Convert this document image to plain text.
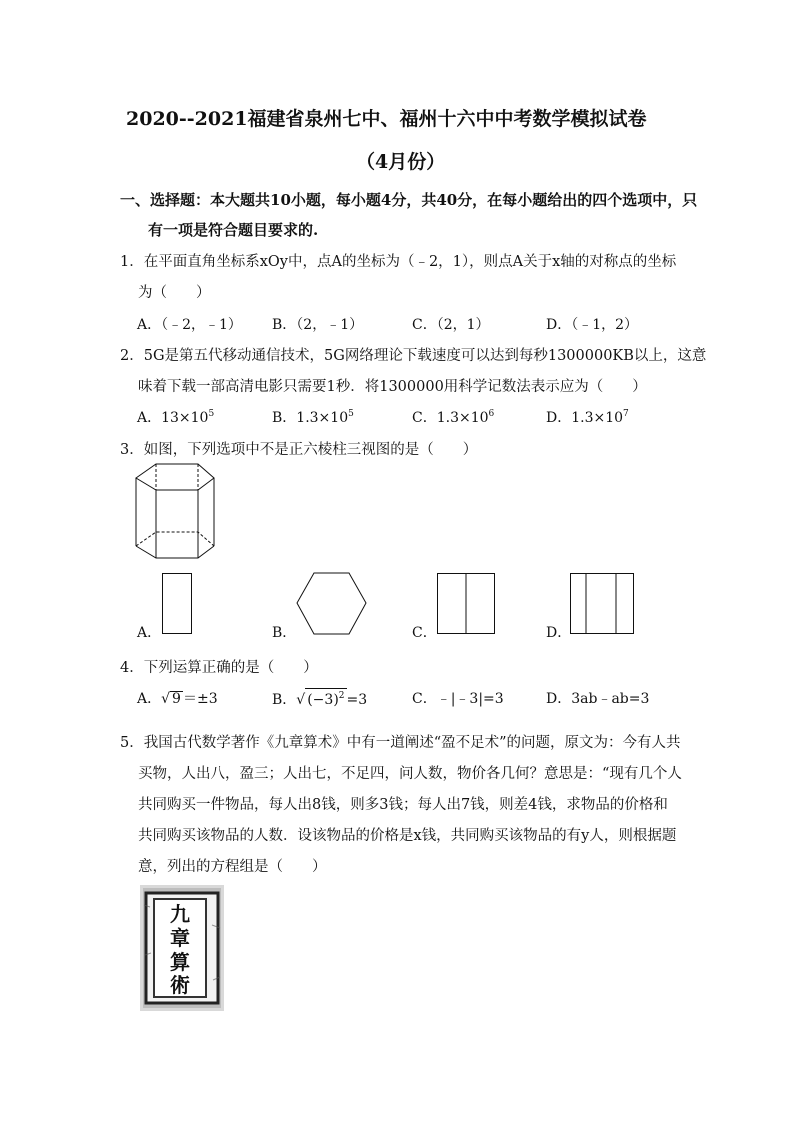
2020--2021福建省泉州七中、福州十六中中考数学模拟试卷
（4月份）
一、选择题：本大题共10小题，每小题4分，共40分，在每小题给出的四个选项中，只
有一项是符合题目要求的.
1．在平面直角坐标系xOy中，点A的坐标为（﹣2，1），则点A关于x轴的对称点的坐标
为（　　）
A．（﹣2，﹣1） B．（2，﹣1）	C．（2，1）	D．（﹣1，2）
2．5G是第五代移动通信技术，5G网络理论下载速度可以达到每秒1300000KB以上，这意
味着下载一部高清电影只需要1秒．将1300000用科学记数法表示应为（　　）
A．$13\times 10^5$	B．$1.3\times 10^5$	C．$1.3\times 10^6$	D．$1.3\times 10^7$
3．如图，下列选项中不是正六棱柱三视图的是（　　）
A．	B．	C．	D．
4．下列运算正确的是（　　）
A．√ 9 ＝±3	B．√ $(-3)^2 =3$	C．﹣|﹣3|=3	D．3ab﹣ab=3
5．我国古代数学著作《九章算术》中有一道阐述“盈不足术”的问题，原文为：今有人共
买物，人出八，盈三；人出七，不足四，问人数，物价各几何？意思是：“现有几个人
共同购买一件物品，每人出8钱，则多3钱；每人出7钱，则差4钱，求物品的价格和
共同购买该物品的人数．设该物品的价格是x钱，共同购买该物品的有y人，则根据题
意，列出的方程组是（　　）
九
章
算
術
